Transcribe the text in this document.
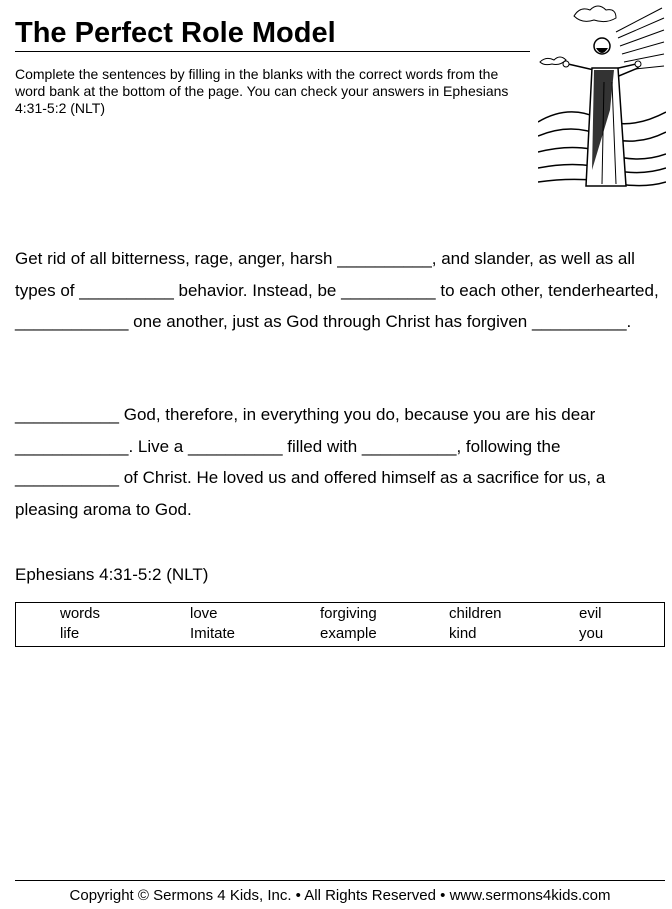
The Perfect Role Model
Complete the sentences by filling in the blanks with the correct words from the word bank at the bottom of the page. You can check your answers in Ephesians 4:31-5:2 (NLT)
Get rid of all bitterness, rage, anger, harsh __________, and slander, as well as all types of __________ behavior. Instead, be __________ to each other, tenderhearted, ____________ one another, just as God through Christ has forgiven __________.
___________ God, therefore, in everything you do, because you are his dear ____________. Live a __________ filled with __________, following the ___________ of Christ. He loved us and offered himself as a sacrifice for us, a pleasing aroma to God.
Ephesians 4:31-5:2 (NLT)
words	love	forgiving	children	evil
life	Imitate	example	kind	you
Copyright © Sermons 4 Kids, Inc. • All Rights Reserved • www.sermons4kids.com
